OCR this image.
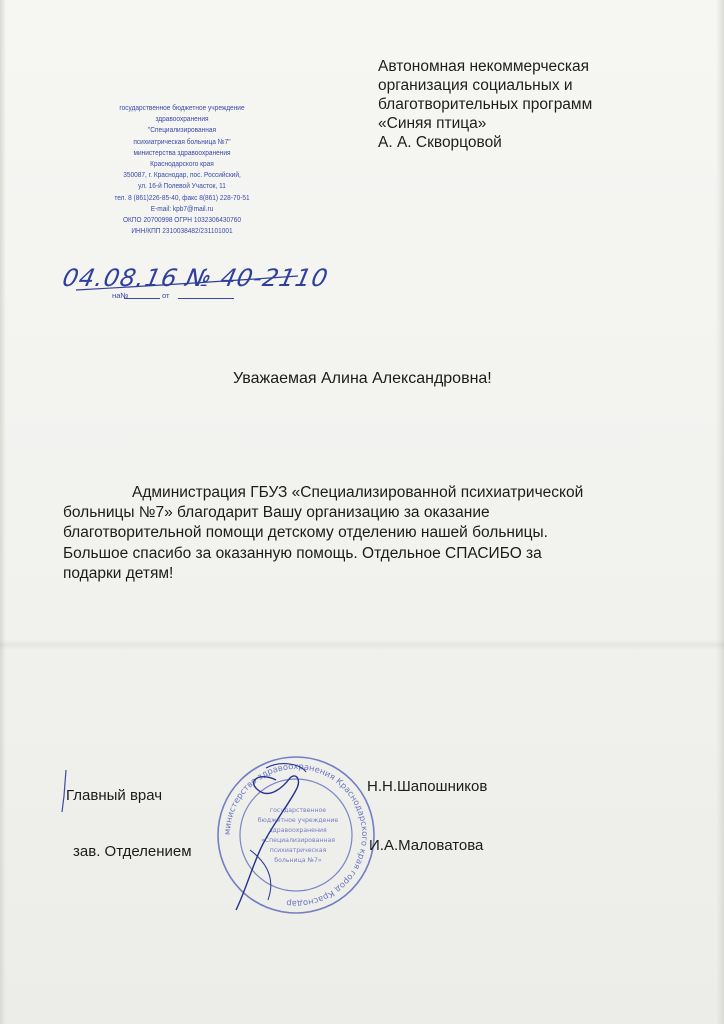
Автономная некоммерческая
организация социальных и
благотворительных программ
«Синяя птица»
А. А. Скворцовой
государственное бюджетное учреждение
здравоохранения
"Специализированная
психиатрическая больница №7"
министерства здравоохранения
Краснодарского края
350087, г. Краснодар, пос. Российский,
ул. 16-й Полевой Участок, 11
тел. 8 (861)226-85-40, факс 8(861) 228-70-51
E-mail: kpb7@mail.ru
ОКПО 20700998 ОГРН 1032306430760
ИНН/КПП 2310038482/231101001
04.08.16 № 40-2110
на№	от
Уважаемая Алина Александровна!
Администрация ГБУЗ «Специализированной психиатрической
больницы №7» благодарит Вашу организацию за оказание
благотворительной помощи детскому отделению нашей больницы.
Большое спасибо за оказанную помощь. Отдельное СПАСИБО за
подарки детям!
министерство здравоохранения Краснодарского края город Краснодар
государственное
бюджетное учреждение
здравоохранения
«Специализированная
психиатрическая
больница №7»
Главный врач
Н.Н.Шапошников
зав. Отделением	И.А.Маловатова
